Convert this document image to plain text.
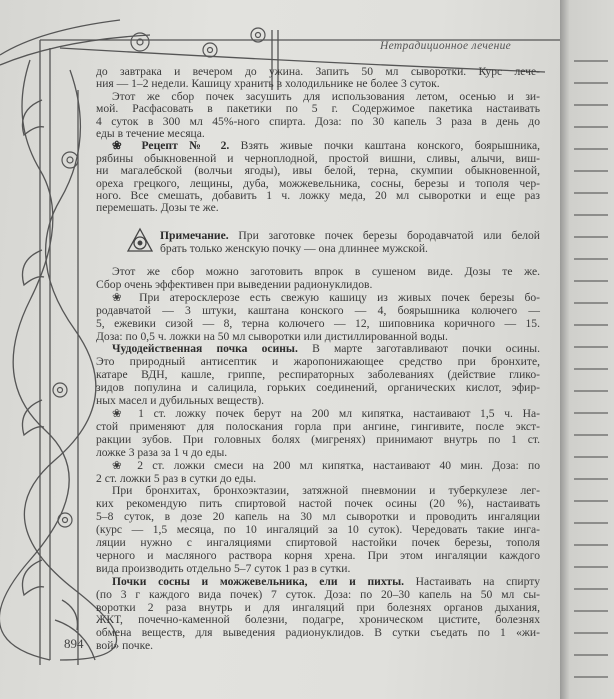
Нетрадиционное лечение
до завтрака и вечером до ужина. Запить 50 мл сыворотки. Курс лече-
ния — 1–2 недели. Кашицу хранить в холодильнике не более 3 суток.
Этот же сбор почек засушить для использования летом, осенью и зи-
мой. Расфасовать в пакетики по 5 г. Содержимое пакетика настаивать
4 суток в 300 мл 45%-ного спирта. Доза: по 30 капель 3 раза в день до
еды в течение месяца.
❀ Рецепт № 2. Взять живые почки каштана конского, боярышника,
рябины обыкновенной и черноплодной, простой вишни, сливы, алычи, виш-
ни магалебской (волчьи ягоды), ивы белой, терна, скумпии обыкновенной,
ореха грецкого, лещины, дуба, можжевельника, сосны, березы и тополя чер-
ного. Все смешать, добавить 1 ч. ложку меда, 20 мл сыворотки и еще раз
перемешать. Дозы те же.
Примечание. При заготовке почек березы бородавчатой или белой
брать только женскую почку — она длиннее мужской.
Этот же сбор можно заготовить впрок в сушеном виде. Дозы те же.
Сбор очень эффективен при выведении радионуклидов.
❀ При атеросклерозе есть свежую кашицу из живых почек березы бо-
родавчатой — 3 штуки, каштана конского — 4, боярышника колючего —
5, ежевики сизой — 8, терна колючего — 12, шиповника коричного — 15.
Доза: по 0,5 ч. ложки на 50 мл сыворотки или дистиллированной воды.
Чудодейственная почка осины. В марте заготавливают почки осины.
Это природный антисептик и жаропонижающее средство при бронхите,
катаре ВДН, кашле, гриппе, респираторных заболеваниях (действие глико-
зидов популина и салицила, горьких соединений, органических кислот, эфир-
ных масел и дубильных веществ).
❀ 1 ст. ложку почек берут на 200 мл кипятка, настаивают 1,5 ч. На-
стой применяют для полоскания горла при ангине, гингивите, после экст-
ракции зубов. При головных болях (мигренях) принимают внутрь по 1 ст.
ложке 3 раза за 1 ч до еды.
❀ 2 ст. ложки смеси на 200 мл кипятка, настаивают 40 мин. Доза: по
2 ст. ложки 5 раз в сутки до еды.
При бронхитах, бронхоэктазии, затяжной пневмонии и туберкулезе лег-
ких рекомендую пить спиртовой настой почек осины (20 %), настаивать
5–8 суток, в дозе 20 капель на 30 мл сыворотки и проводить ингаляции
(курс — 1,5 месяца, по 10 ингаляций за 10 суток). Чередовать такие инга-
ляции нужно с ингаляциями спиртовой настойки почек березы, тополя
черного и масляного раствора корня хрена. При этом ингаляции каждого
вида производить отдельно 5–7 суток 1 раз в сутки.
Почки сосны и можжевельника, ели и пихты. Настаивать на спирту
(по 3 г каждого вида почек) 7 суток. Доза: по 20–30 капель на 50 мл сы-
воротки 2 раза внутрь и для ингаляций при болезнях органов дыхания,
ЖКТ, почечно-каменной болезни, подагре, хроническом цистите, болезнях
обмена веществ, для выведения радионуклидов. В сутки съедать по 1 «жи-
вой» почке.
894
